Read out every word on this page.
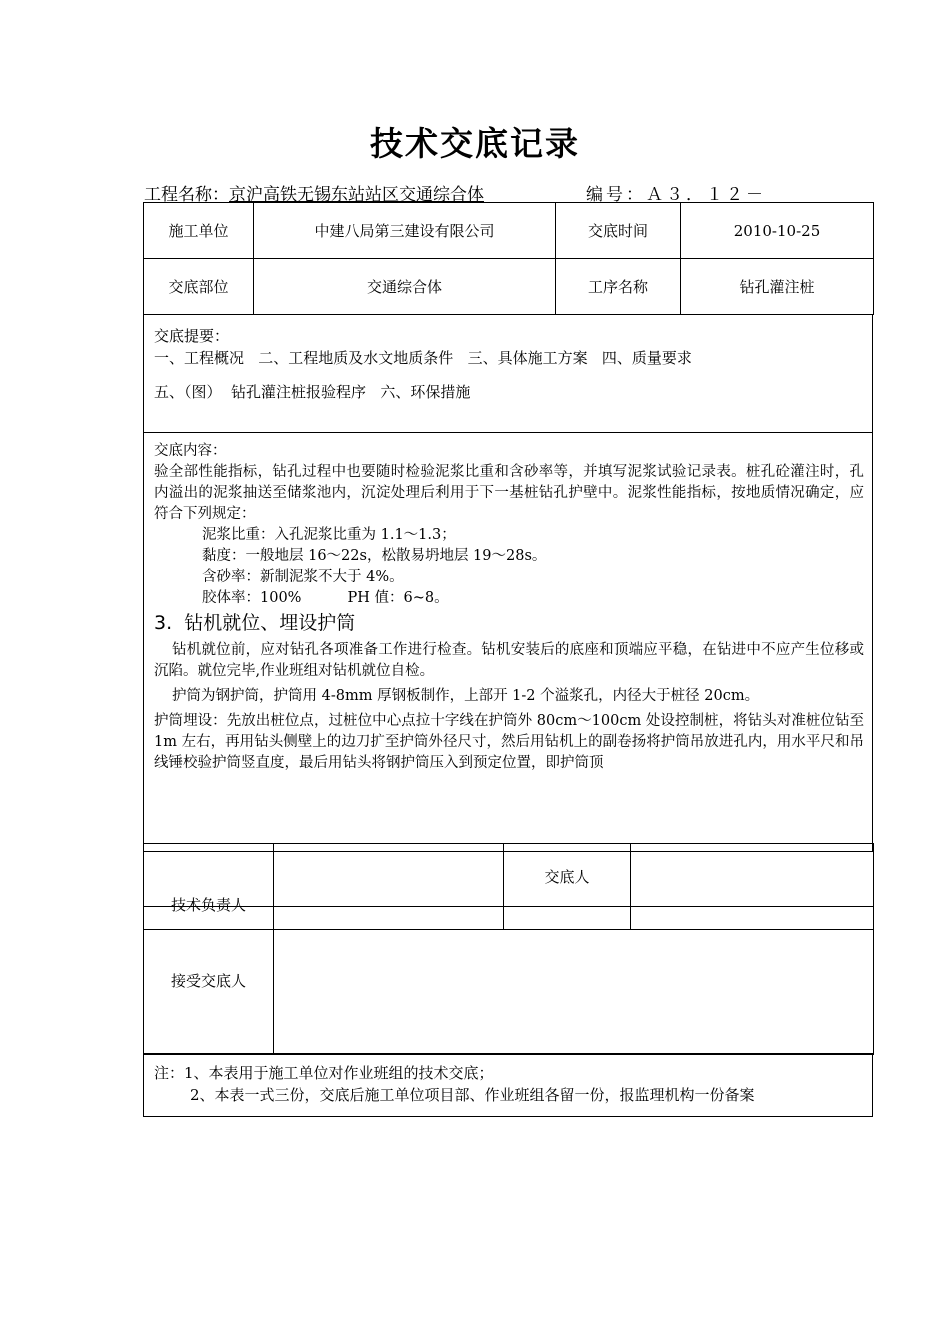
技术交底记录
工程名称：京沪高铁无锡东站站区交通综合体	编号：Ａ３．１２－
施工单位	中建八局第三建设有限公司	交底时间	2010-10-25
交底部位	交通综合体	工序名称	钻孔灌注桩
交底提要：
一、工程概况   二、工程地质及水文地质条件   三、具体施工方案   四、质量要求
五、（图）  钻孔灌注桩报验程序   六、环保措施

交底内容：

验全部性能指标，钻孔过程中也要随时检验泥浆比重和含砂率等，并填写泥浆试验记录表。桩孔砼灌注时，孔内溢出的泥浆抽送至储浆池内，沉淀处理后利用于下一基桩钻孔护壁中。泥浆性能指标，按地质情况确定，应符合下列规定：

泥浆比重：入孔泥浆比重为 1.1～1.3；

黏度：一般地层 16～22s，松散易坍地层 19～28s。

含砂率：新制泥浆不大于 4%。

胶体率：100%          PH 值：6~8。

3.  钻机就位、埋设护筒

钻机就位前，应对钻孔各项准备工作进行检查。钻机安装后的底座和顶端应平稳，在钻进中不应产生位移或沉陷。就位完毕,作业班组对钻机就位自检。

护筒为钢护筒，护筒用 4-8mm 厚钢板制作，上部开 1-2 个溢浆孔，内径大于桩径 20cm。

护筒埋设：先放出桩位点，过桩位中心点拉十字线在护筒外 80cm～100cm 处设控制桩，将钻头对准桩位钻至 1m 左右，再用钻头侧壁上的边刀扩至护筒外径尺寸，然后用钻机上的副卷扬将护筒吊放进孔内，用水平尺和吊线锤校验护筒竖直度，最后用钻头将钢护筒压入到预定位置，即护筒顶

技术负责人		交底人	
接受交底人	
注：1、本表用于施工单位对作业班组的技术交底；
2、本表一式三份，交底后施工单位项目部、作业班组各留一份，报监理机构一份备案
